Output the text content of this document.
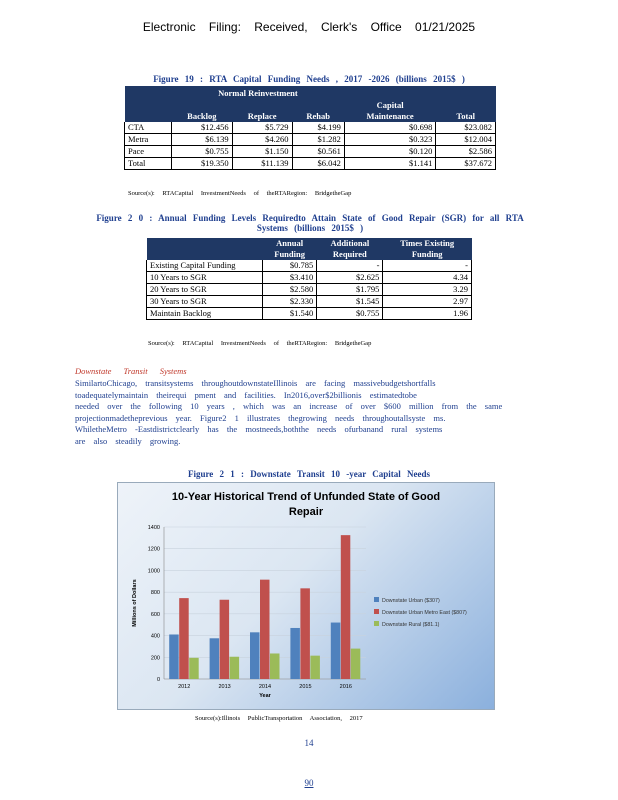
Electronic Filing: Received, Clerk's Office 01/21/2025
Figure 19 : RTA Capital Funding Needs , 2017 -2026 (billions 2015$ )
	Normal Reinvestment				
				Capital	
	Backlog	Replace	Rehab	Maintenance	Total
CTA	$12.456	$5.729	$4.199	$0.698	$23.082
Metra	$6.139	$4.260	$1.282	$0.323	$12.004
Pace	$0.755	$1.150	$0.561	$0.120	$2.586
Total	$19.350	$11.139	$6.042	$1.141	$37.672
Source(s): RTACapital InvestmentNeeds of theRTARegion: BridgetheGap
Figure 2 0 : Annual Funding Levels Requiredto Attain State of Good Repair (SGR) for all RTA
Systems (billions 2015$ )
	Annual	Additional	Times Existing
	Funding	Required	Funding
Existing Capital Funding	$0.785	-	-
10 Years to SGR	$3.410	$2.625	4.34
20 Years to SGR	$2.580	$1.795	3.29
30 Years to SGR	$2.330	$1.545	2.97
Maintain Backlog	$1.540	$0.755	1.96
Source(s): RTACapital InvestmentNeeds of theRTARegion: BridgetheGap
Downstate Transit Systems
SimilartoChicago, transitsystems throughoutdownstateIllinois are facing massivebudgetshortfalls
toadequatelymaintain theirequi pment and facilities. In2016,over$2billionis estimatedtobe
needed over the following 10 years , which was an increase of over $600 million from the same
projectionmadetheprevious year. Figure2 1 illustrates thegrowing needs throughoutallsyste ms.
WhiletheMetro -Eastdistrictclearly has the mostneeds,boththe needs ofurbanand rural systems
are also steadily growing.
Figure 2 1 : Downstate Transit 10 -year Capital Needs
10-Year Historical Trend of Unfunded State of Good Repair
0
200
400
600
800
1000
1200
1400
2012	2013	2014	2015	2016
Year
Millions of Dollars	Downstate Urban ($307)
Downstate Urban Metro East ($807)
Downstate Rural ($81.1)
Source(s):Illinois PublicTransportation Association, 2017
14
90
